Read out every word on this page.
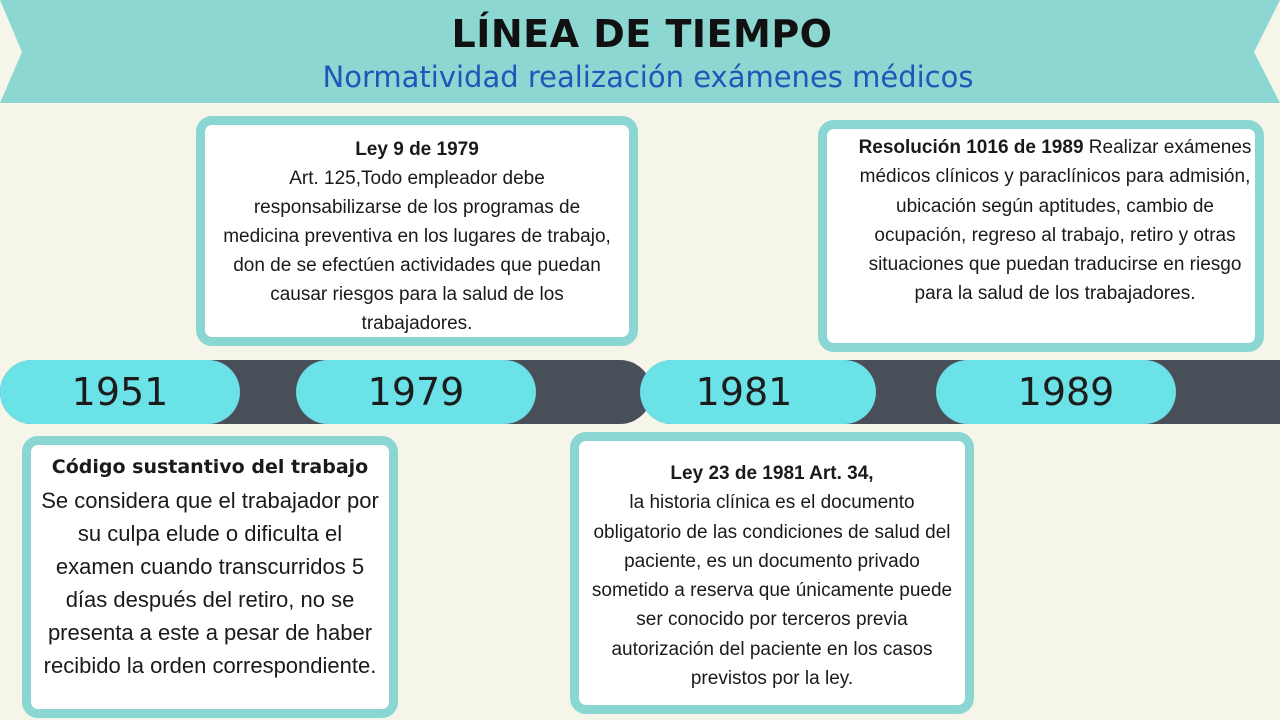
LÍNEA DE TIEMPO
Normatividad realización exámenes médicos
1951	1979	1981	1989
Ley 9 de 1979
Art. 125,Todo empleador debe responsabilizarse de los programas de medicina preventiva en los lugares de trabajo, don de se efectúen actividades que puedan causar riesgos para la salud de los trabajadores.
Resolución 1016 de 1989 Realizar exámenes médicos clínicos y paraclínicos para admisión, ubicación según aptitudes, cambio de ocupación, regreso al trabajo, retiro y otras situaciones que puedan traducirse en riesgo para la salud de los trabajadores.
Código sustantivo del trabajo
Se considera que el trabajador por su culpa elude o dificulta el examen cuando transcurridos 5 días después del retiro, no se presenta a este a pesar de haber recibido la orden correspondiente.
Ley 23 de 1981 Art. 34,
la historia clínica es el documento obligatorio de las condiciones de salud del paciente, es un documento privado sometido a reserva que únicamente puede ser conocido por terceros previa autorización del paciente en los casos previstos por la ley.
